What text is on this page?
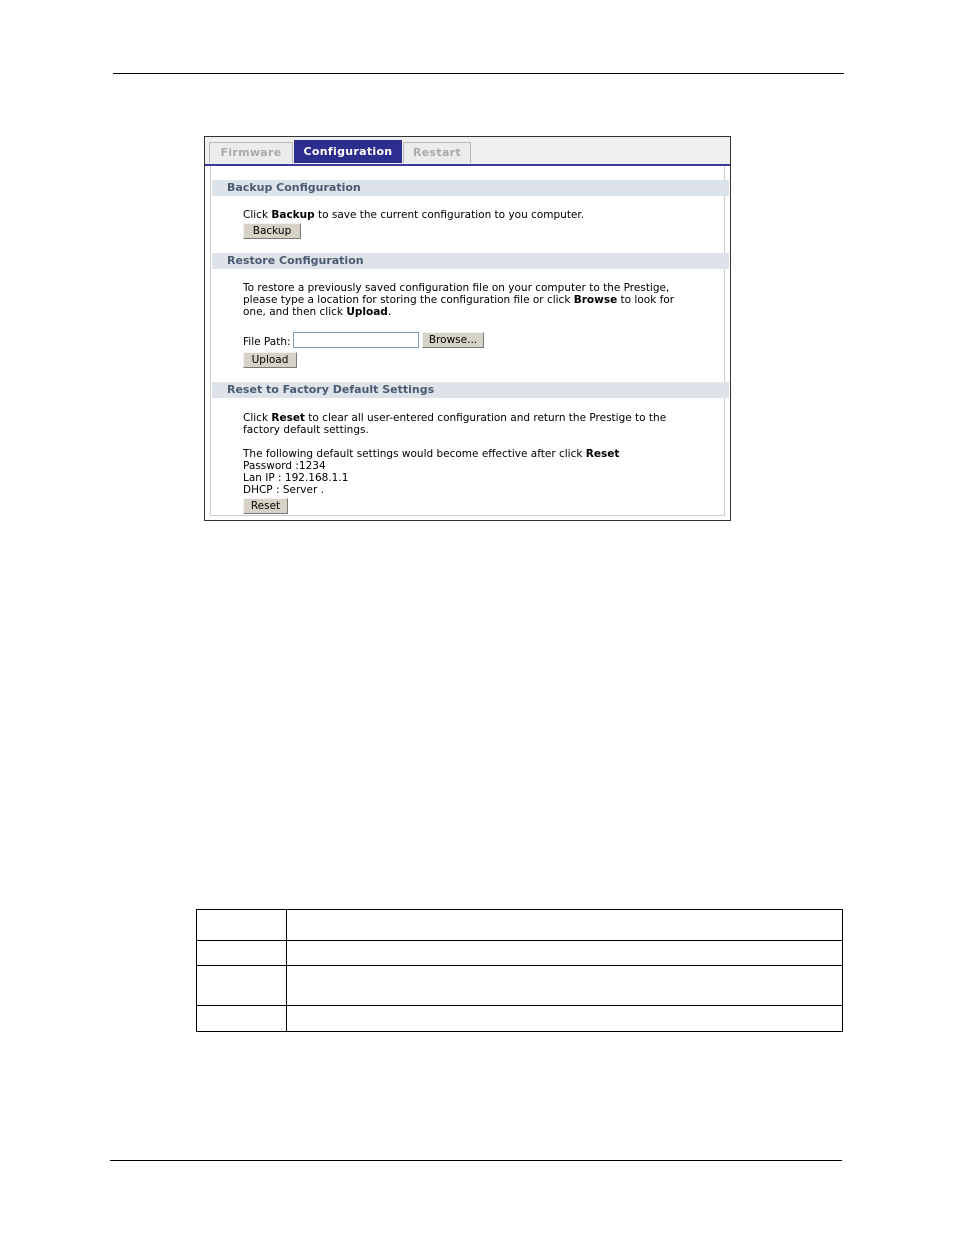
Firmware	Configuration	Restart
Backup Configuration
Click Backup to save the current configuration to you computer.
Backup
Restore Configuration
To restore a previously saved configuration file on your computer to the Prestige,
please type a location for storing the configuration file or click Browse to look for
one, and then click Upload.
File Path:	Browse...
Upload
Reset to Factory Default Settings
Click Reset to clear all user-entered configuration and return the Prestige to the
factory default settings.
The following default settings would become effective after click Reset
Password :1234
Lan IP : 192.168.1.1
DHCP : Server .
Reset
